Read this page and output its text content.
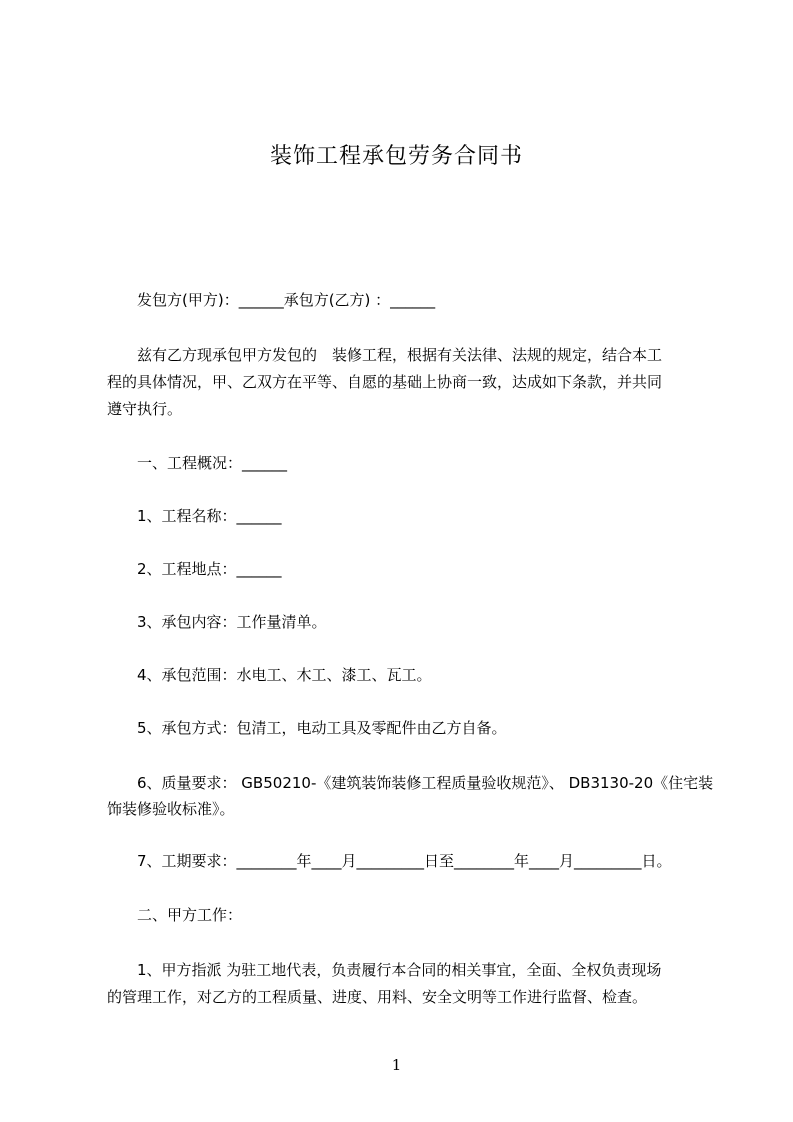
装饰工程承包劳务合同书
发包方(甲方)：______承包方(乙方) ：______
兹有乙方现承包甲方发包的　装修工程，根据有关法律、法规的规定，结合本工
程的具体情况，甲、乙双方在平等、自愿的基础上协商一致，达成如下条款，并共同
遵守执行。
一、工程概况：______
1、工程名称：______
2、工程地点：______
3、承包内容：工作量清单。
4、承包范围：水电工、木工、漆工、瓦工。
5、承包方式：包清工，电动工具及零配件由乙方自备。
6、质量要求： GB50210-《建筑装饰装修工程质量验收规范》、 DB3130-20《住宅装
饰装修验收标准》。
7、工期要求：________年____月_________日至________年____月_________日。
二、甲方工作：
1、甲方指派 为驻工地代表，负责履行本合同的相关事宜，全面、全权负责现场
的管理工作，对乙方的工程质量、进度、用料、安全文明等工作进行监督、检查。
1
